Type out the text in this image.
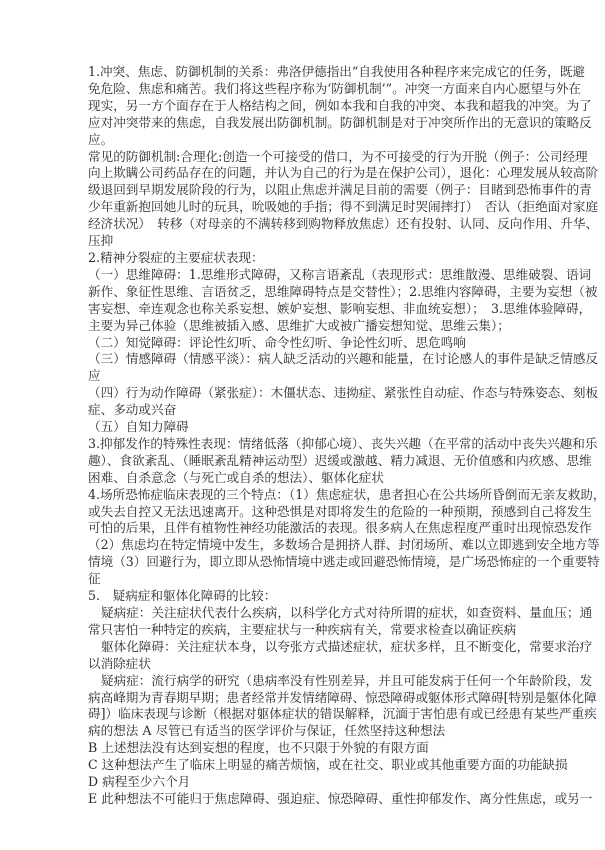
1.冲突、焦虑、防御机制的关系：弗洛伊德指出“自我使用各种程序来完成它的任务，既避
免危险、焦虑和痛苦。我们将这些程序称为‘防御机制’”。冲突一方面来自内心愿望与外在
现实，另一方个面存在于人格结构之间，例如本我和自我的冲突、本我和超我的冲突。为了
应对冲突带来的焦虑，自我发展出防御机制。防御机制是对于冲突所作出的无意识的策略反
应。
常见的防御机制:合理化:创造一个可接受的借口，为不可接受的行为开脱（例子：公司经理
向上欺瞒公司药品存在的问题，并认为自己的行为是在保护公司），退化：心理发展从较高阶
级退回到早期发展阶段的行为，以阻止焦虑并满足目前的需要（例子：目睹到恐怖事件的青
少年重新抱回她儿时的玩具，吮吸她的手指；得不到满足时哭闹摔打）　否认（拒绝面对家庭
经济状况）　转移（对母亲的不满转移到购物释放焦虑）还有投射、认同、反向作用、升华、
压抑
2.精神分裂症的主要症状表现：
（一）思维障碍：1.思维形式障碍，又称言语紊乱（表现形式：思维散漫、思维破裂、语词
新作、象征性思维、言语贫乏，思维障碍特点是交替性）；2.思维内容障碍，主要为妄想（被
害妄想、牵连观念也称关系妄想、嫉妒妄想、影响妄想、非血统妄想）；　3.思维体验障碍，
主要为异己体验（思维被插入感、思维扩大或被广播妄想知觉、思维云集）；
（二）知觉障碍：评论性幻听、命令性幻听、争论性幻听、思危鸣响
（三）情感障碍（情感平淡）：病人缺乏活动的兴趣和能量，在讨论感人的事件是缺乏情感反
应
（四）行为动作障碍（紧张症）：木僵状态、违拗症、紧张性自动症、作态与特殊姿态、刻板
症、多动或兴奋
（五）自知力障碍
3.抑郁发作的特殊性表现：情绪低落（抑郁心境）、丧失兴趣（在平常的活动中丧失兴趣和乐
趣）、食欲紊乱、（睡眠紊乱精神运动型）迟缓或激越、精力减退、无价值感和内疚感、思维
困难、自杀意念（与死亡或自杀的想法）、躯体化症状
4.场所恐怖症临床表现的三个特点：（1）焦虑症状，患者担心在公共场所昏倒而无亲友救助，
或失去自控又无法迅速离开。这种恐惧是对即将发生的危险的一种预期，预感到自己将发生
可怕的后果，且伴有植物性神经功能激活的表现。很多病人在焦虑程度严重时出现惊恐发作
（2）焦虑均在特定情境中发生，多数场合是拥挤人群、封闭场所、难以立即逃到安全地方等
情境（3）回避行为，即立即从恐怖情境中逃走或回避恐怖情境，是广场恐怖症的一个重要特
征
5.　疑病症和躯体化障碍的比较：
疑病症：关注症状代表什么疾病，以科学化方式对待所谓的症状，如查资料、量血压；通
常只害怕一种特定的疾病，主要症状与一种疾病有关，常要求检查以确证疾病
躯体化障碍：关注症状本身，以夸张方式描述症状，症状多样，且不断变化，常要求治疗
以消除症状
疑病症：流行病学的研究（患病率没有性别差异，并且可能发病于任何一个年龄阶段，发
病高峰期为青春期早期；患者经常并发情绪障碍、惊恐障碍或躯体形式障碍[特别是躯体化障
碍]）临床表现与诊断（根据对躯体症状的错误解释，沉湎于害怕患有或已经患有某些严重疾
病的想法 A 尽管已有适当的医学评价与保证，任然坚持这种想法
B 上述想法没有达到妄想的程度，也不只限于外貌的有限方面
C 这种想法产生了临床上明显的痛苦烦恼，或在社交、职业或其他重要方面的功能缺损
D 病程至少六个月
E 此种想法不可能归于焦虑障碍、强迫症、惊恐障碍、重性抑郁发作、离分性焦虑，或另一
